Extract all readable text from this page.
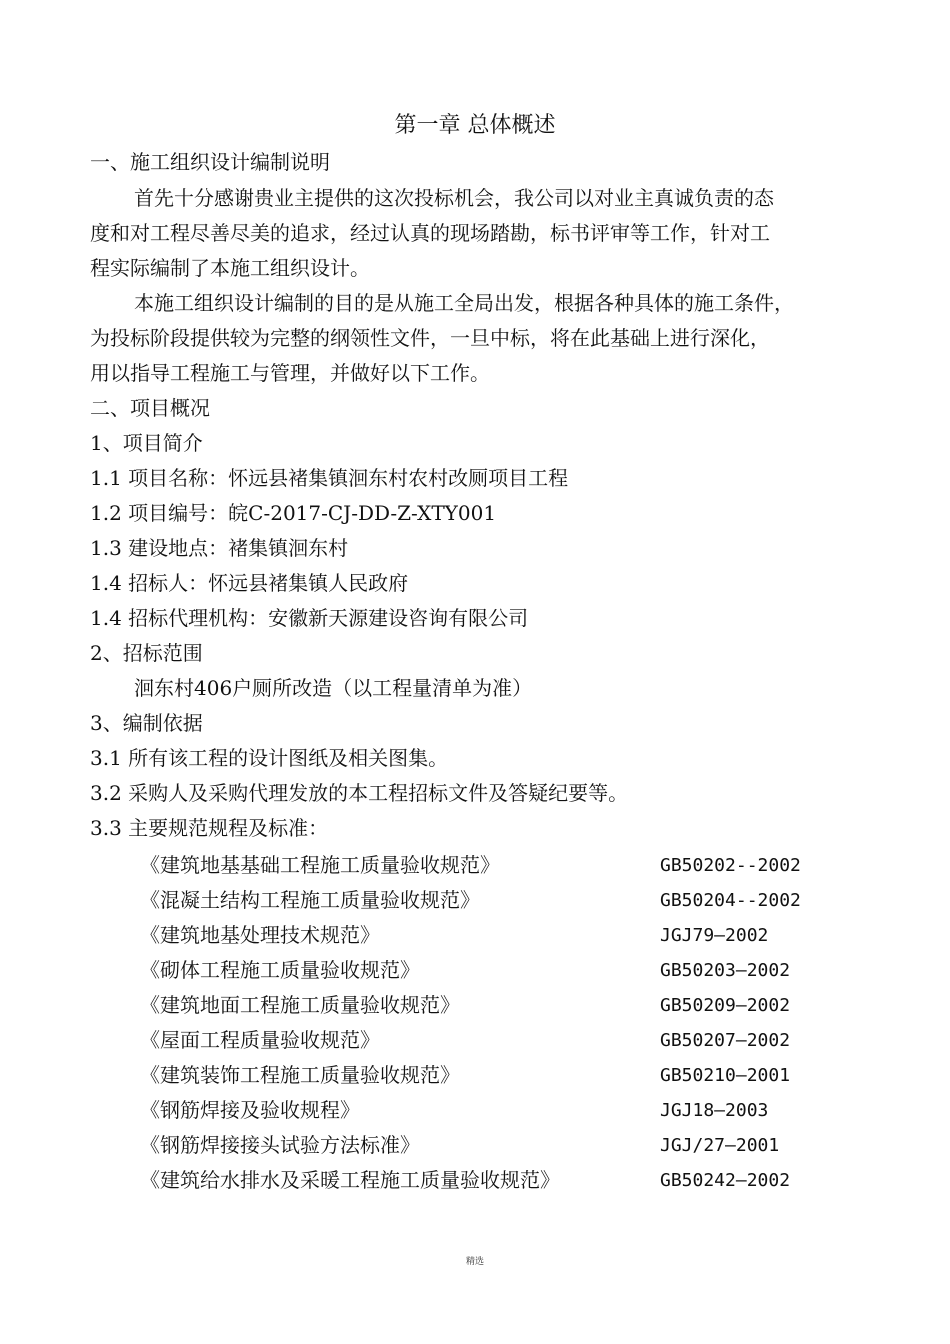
第一章 总体概述
一、施工组织设计编制说明
首先十分感谢贵业主提供的这次投标机会，我公司以对业主真诚负责的态
度和对工程尽善尽美的追求，经过认真的现场踏勘，标书评审等工作，针对工
程实际编制了本施工组织设计。
本施工组织设计编制的目的是从施工全局出发，根据各种具体的施工条件，
为投标阶段提供较为完整的纲领性文件，一旦中标，将在此基础上进行深化，
用以指导工程施工与管理，并做好以下工作。
二、项目概况
1、项目简介
1.1 项目名称：怀远县褚集镇洄东村农村改厕项目工程
1.2 项目编号：皖C-2017-CJ-DD-Z-XTY001
1.3 建设地点：褚集镇洄东村
1.4 招标人：怀远县褚集镇人民政府
1.4 招标代理机构：安徽新天源建设咨询有限公司
2、招标范围
洄东村406户厕所改造（以工程量清单为准）
3、编制依据
3.1 所有该工程的设计图纸及相关图集。
3.2 采购人及采购代理发放的本工程招标文件及答疑纪要等。
3.3 主要规范规程及标准：
《建筑地基基础工程施工质量验收规范》	GB50202--2002
《混凝土结构工程施工质量验收规范》	GB50204--2002
《建筑地基处理技术规范》	JGJ79—2002
《砌体工程施工质量验收规范》	GB50203—2002
《建筑地面工程施工质量验收规范》	GB50209—2002
《屋面工程质量验收规范》	GB50207—2002
《建筑装饰工程施工质量验收规范》	GB50210—2001
《钢筋焊接及验收规程》	JGJ18—2003
《钢筋焊接接头试验方法标准》	JGJ/27—2001
《建筑给水排水及采暖工程施工质量验收规范》	GB50242—2002
精选
